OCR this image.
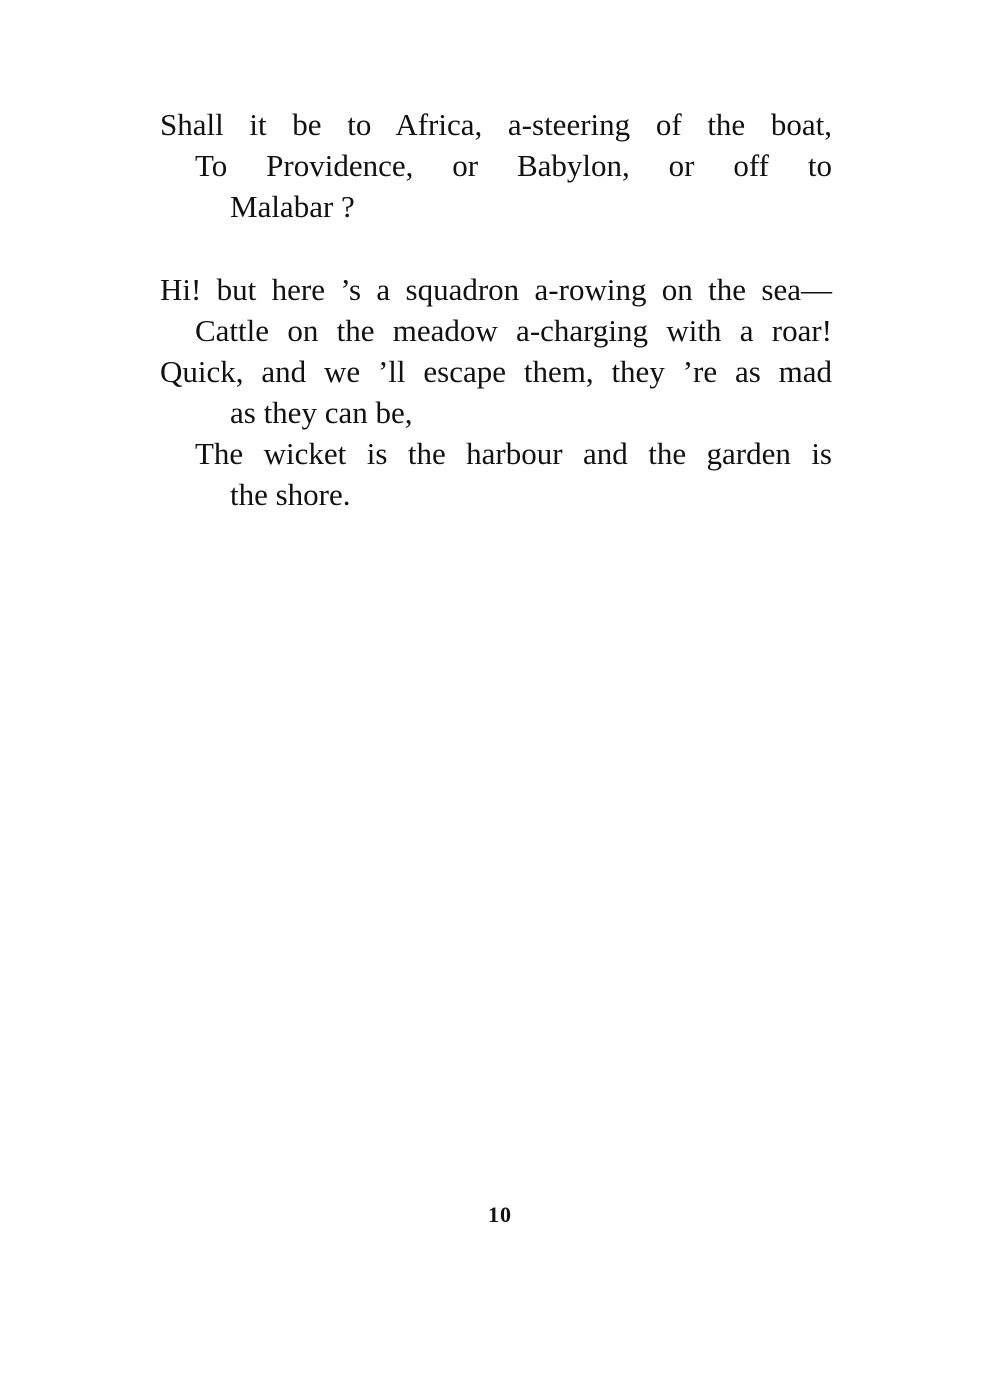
Shall it be to Africa, a-steering of the boat,
To Providence, or Babylon, or off to
Malabar ?

Hi! but here ’s a squadron a-rowing on the sea—
Cattle on the meadow a-charging with a roar!
Quick, and we ’ll escape them, they ’re as mad
as they can be,
The wicket is the harbour and the garden is
the shore.

10
